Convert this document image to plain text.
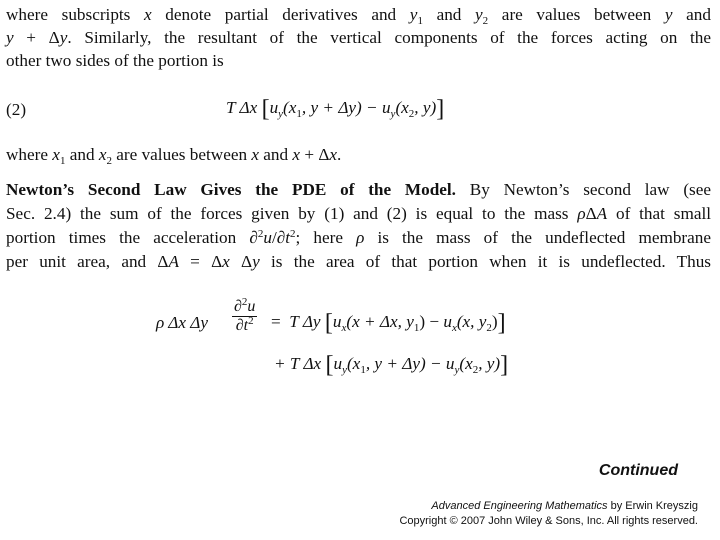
where subscripts x denote partial derivatives and $y_1$ and $y_2$ are values between y and
y + Δy. Similarly, the resultant of the vertical components of the forces acting on the
other two sides of the portion is
(2)	T Δx [$u_y(x_1$, $y + \Delta y) - u_y(x_2$, y)]
where $x_1$ and $x_2$ are values between x and x + Δx.
Newton’s Second Law Gives the PDE of the Model. By Newton’s second law (see
Sec. 2.4) the sum of the forces given by (1) and (2) is equal to the mass ρΔA of that small
portion times the acceleration $\partial^2u/\partial t^2$; here ρ is the mass of the undeflected membrane
per unit area, and ΔA = Δx Δy is the area of that portion when it is undeflected. Thus
ρ Δx Δy $\frac{\partial^2u}{\partial t^2} = T$ Δy [$u_x(x + \Delta x$, $y_1) - u_x(x$, $y_2$)]
+ T Δx [$u_y(x_1$, $y + \Delta y) - u_y(x_2$, y)]
Continued
Advanced Engineering Mathematics by Erwin Kreyszig
Copyright © 2007 John Wiley & Sons, Inc. All rights reserved.
